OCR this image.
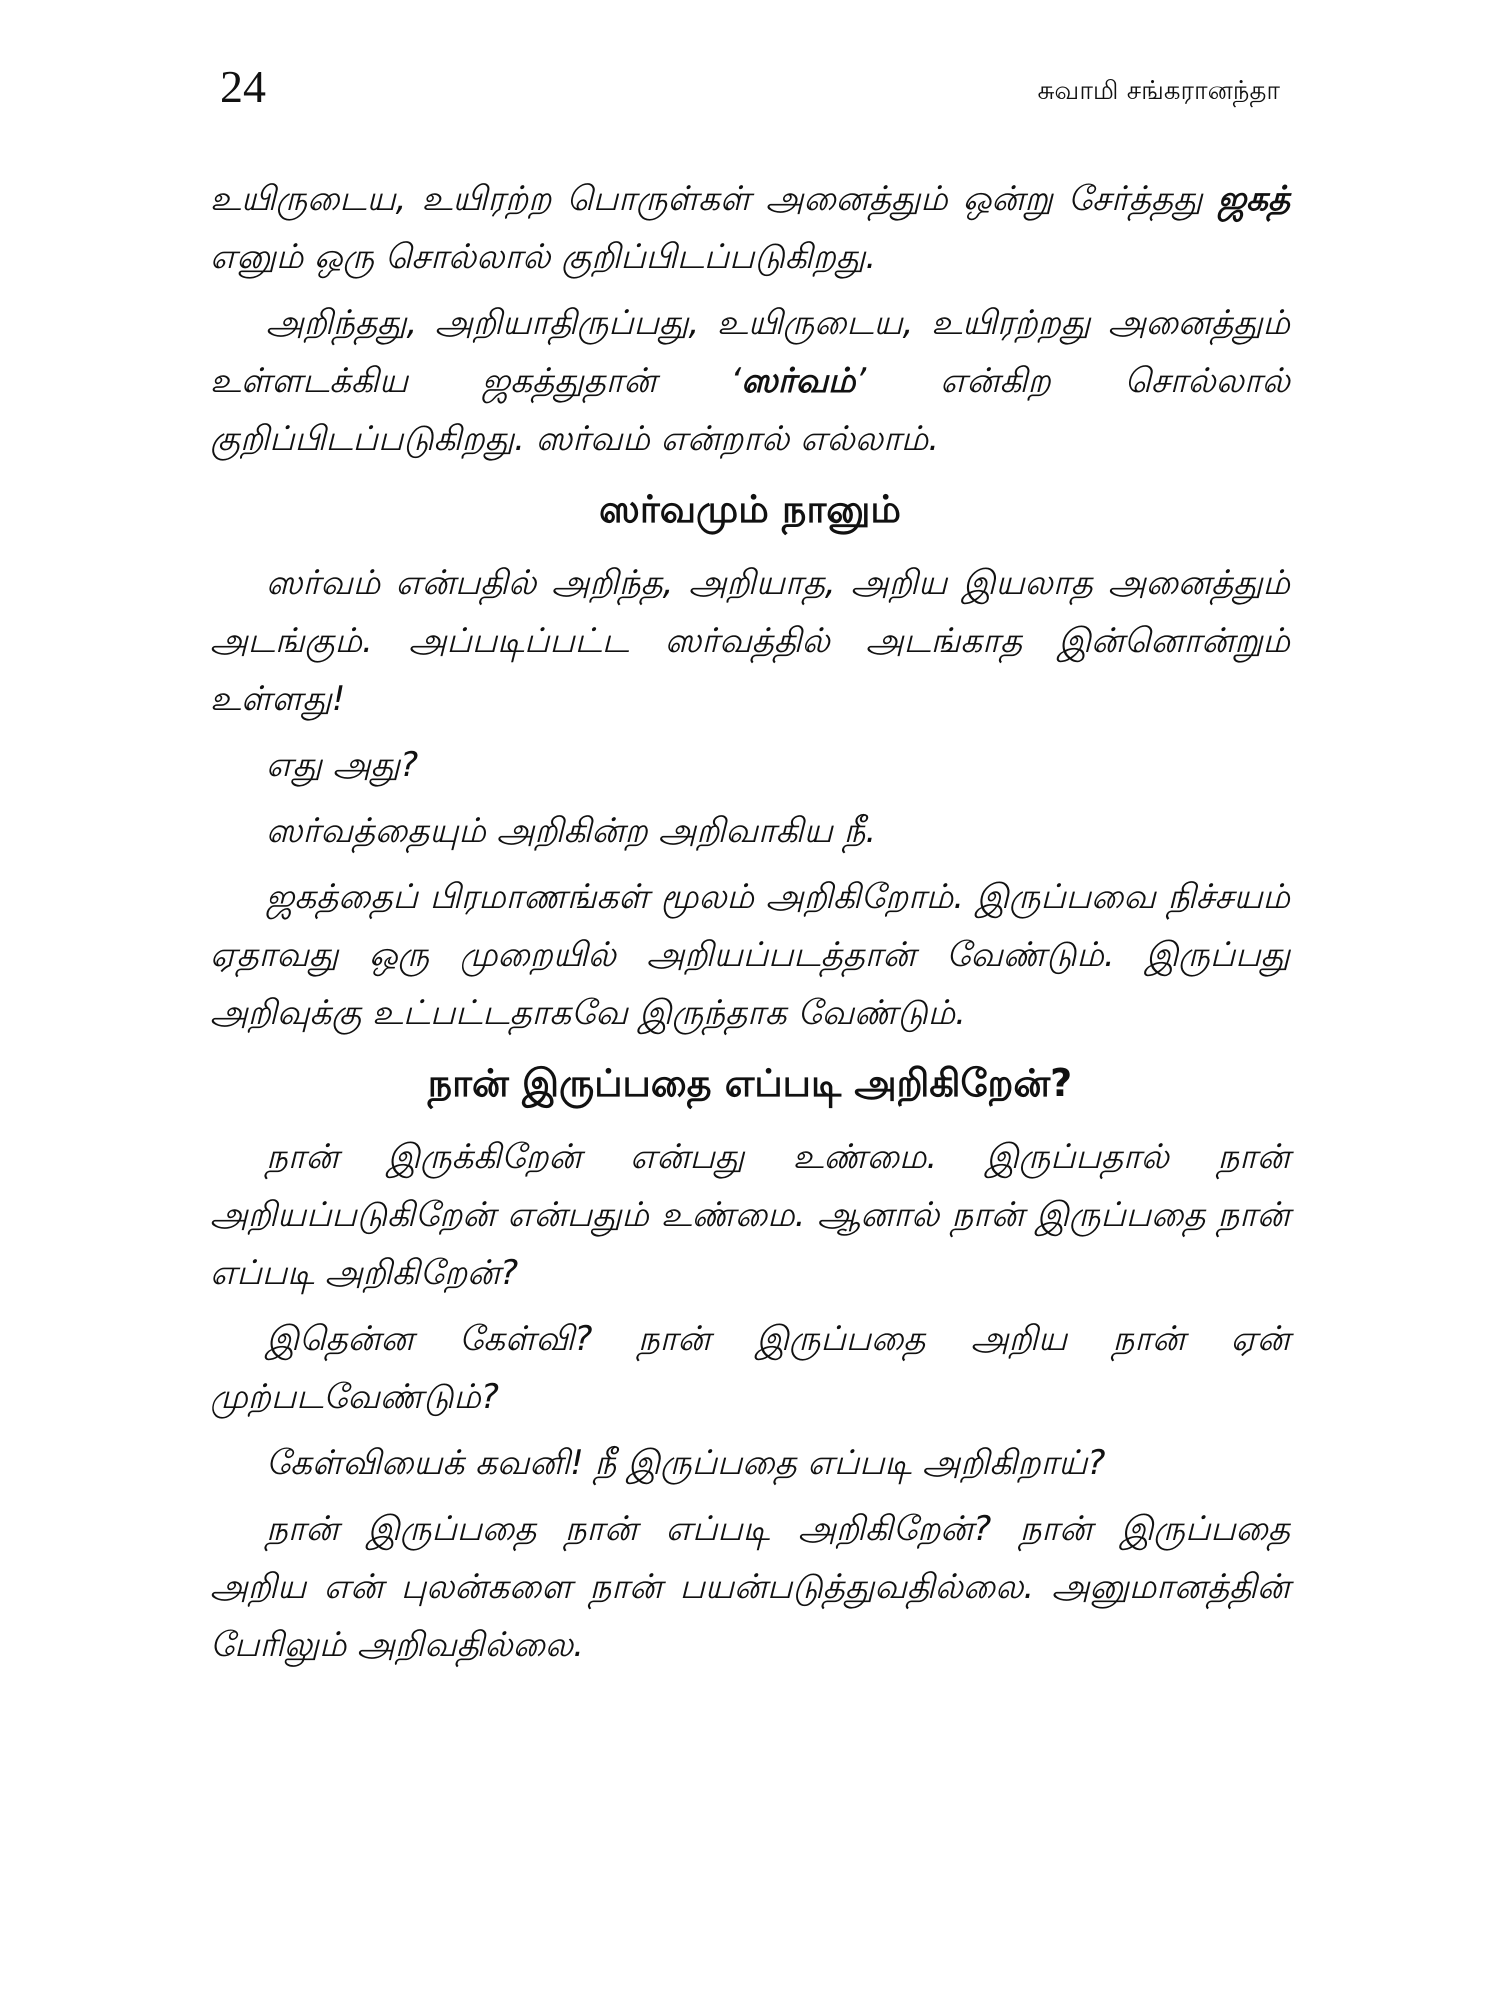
24	சுவாமி சங்கரானந்தா

உயிருடைய, உயிரற்ற பொருள்கள் அனைத்தும் ஒன்று சேர்த்தது ஜகத் எனும் ஒரு சொல்லால் குறிப்பிடப்படுகிறது.

அறிந்தது, அறியாதிருப்பது, உயிருடைய, உயிரற்றது அனைத்தும் உள்ளடக்கிய ஜகத்துதான் ‘ஸர்வம்’ என்கிற சொல்லால் குறிப்பிடப்படுகிறது. ஸர்வம் என்றால் எல்லாம்.

ஸர்வமும் நானும்

ஸர்வம் என்பதில் அறிந்த, அறியாத, அறிய இயலாத அனைத்தும் அடங்கும். அப்படிப்பட்ட ஸர்வத்தில் அடங்காத இன்னொன்றும் உள்ளது!

எது அது?

ஸர்வத்தையும் அறிகின்ற அறிவாகிய நீ.

ஜகத்தைப் பிரமாணங்கள் மூலம் அறிகிறோம். இருப்பவை நிச்சயம் ஏதாவது ஒரு முறையில் அறியப்படத்தான் வேண்டும். இருப்பது அறிவுக்கு உட்பட்டதாகவே இருந்தாக வேண்டும்.

நான் இருப்பதை எப்படி அறிகிறேன்?

நான் இருக்கிறேன் என்பது உண்மை. இருப்பதால் நான் அறியப்படுகிறேன் என்பதும் உண்மை. ஆனால் நான் இருப்பதை நான் எப்படி அறிகிறேன்?

இதென்ன கேள்வி? நான் இருப்பதை அறிய நான் ஏன் முற்படவேண்டும்?

கேள்வியைக் கவனி! நீ இருப்பதை எப்படி அறிகிறாய்?

நான் இருப்பதை நான் எப்படி அறிகிறேன்? நான் இருப்பதை அறிய என் புலன்களை நான் பயன்படுத்துவதில்லை. அனுமானத்தின் பேரிலும் அறிவதில்லை.
